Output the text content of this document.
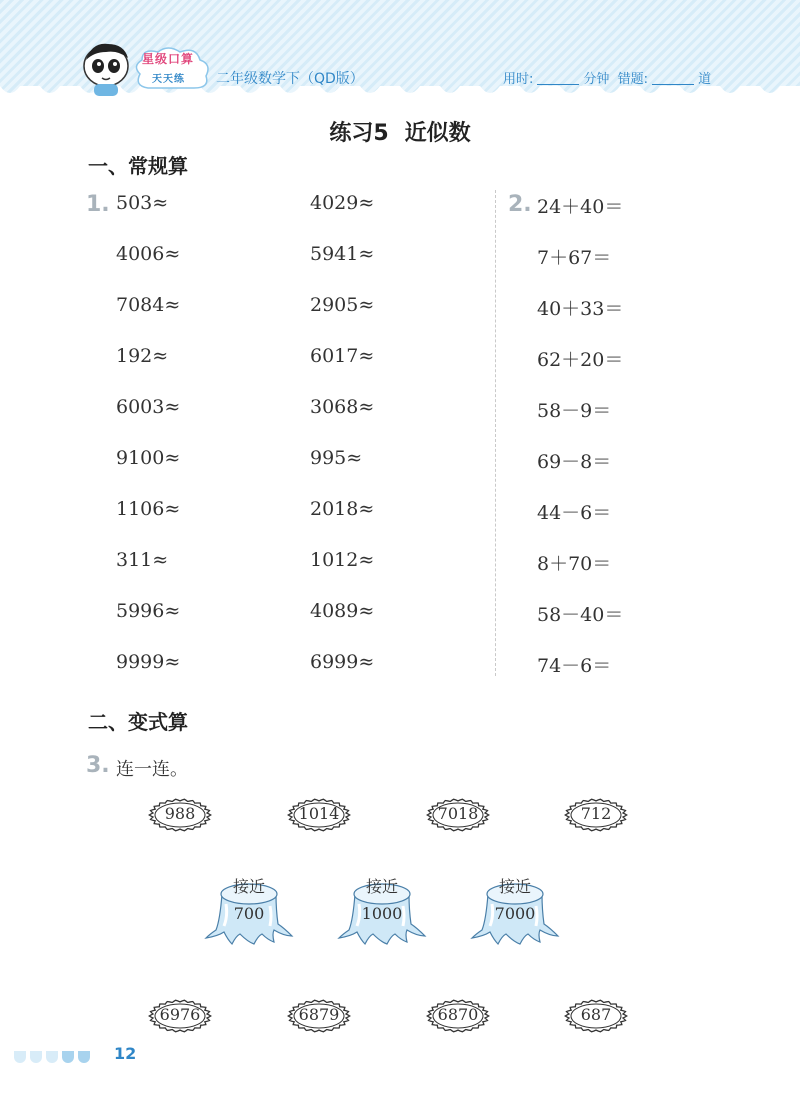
星级口算
天天练 二年级数学下（QD版）	用时:	分钟 错题:	道
练习5 近似数
一、常规算
1.	2.
503≈
4006≈
7084≈
192≈
6003≈
9100≈
1106≈
311≈
5996≈
9999≈
4029≈
5941≈
2905≈
6017≈
3068≈
995≈
2018≈
1012≈
4089≈
6999≈
24＋40＝
7＋67＝
40＋33＝
62＋20＝
58－9＝
69－8＝
44－6＝
8＋70＝
58－40＝
74－6＝
二、变式算
3. 连一连。
988	1014	7018	712
接近
700
接近
1000
接近
7000
6976	6879	6870	687
12
